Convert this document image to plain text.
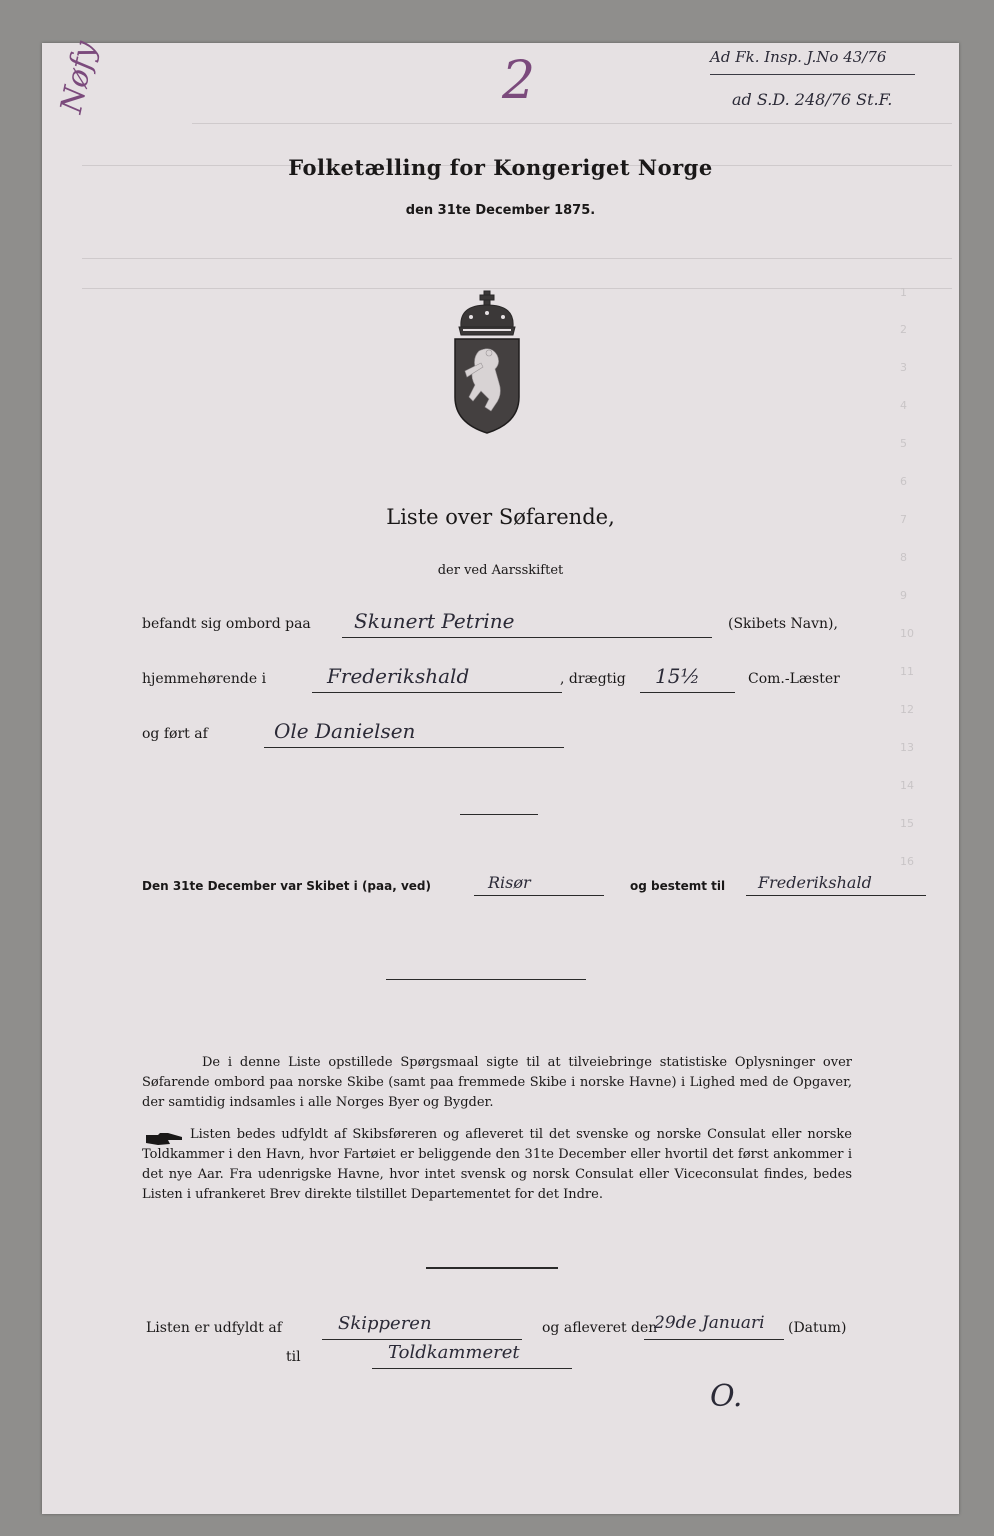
1
2
3
4
5
6
7
8
9
10
11
12
13
14
15
16
Nøfy	2	Ad Fk. Insp. J.No 43/76
ad S.D. 248/76 St.F.
Folketælling for Kongeriget Norge
den 31te December 1875.
Liste over Søfarende,
der ved Aarsskiftet
befandt sig ombord paa Skunert Petrine	(Skibets Navn),
hjemmehørende i	Frederikshald	, drægtig 15½	Com.-Læster
og ført af	Ole Danielsen
Den 31te December var Skibet i (paa, ved)	Risør	og bestemt til Frederikshald
De i denne Liste opstillede Spørgsmaal sigte til at tilveiebringe statistiske Oplysninger over Søfarende ombord paa norske Skibe (samt paa fremmede Skibe i norske Havne) i Lighed med de Opgaver, der samtidig indsamles i alle Norges Byer og Bygder.
Listen bedes udfyldt af Skibsføreren og afleveret til det svenske og norske Consulat eller norske Toldkammer i den Havn, hvor Fartøiet er beliggende den 31te December eller hvortil det først ankommer i det nye Aar. Fra udenrigske Havne, hvor intet svensk og norsk Consulat eller Viceconsulat findes, bedes Listen i ufrankeret Brev direkte tilstillet Departementet for det Indre.
Listen er udfyldt af	Skipperen	og afleveret den
29de Januari (Datum)
til	Toldkammeret
O.
